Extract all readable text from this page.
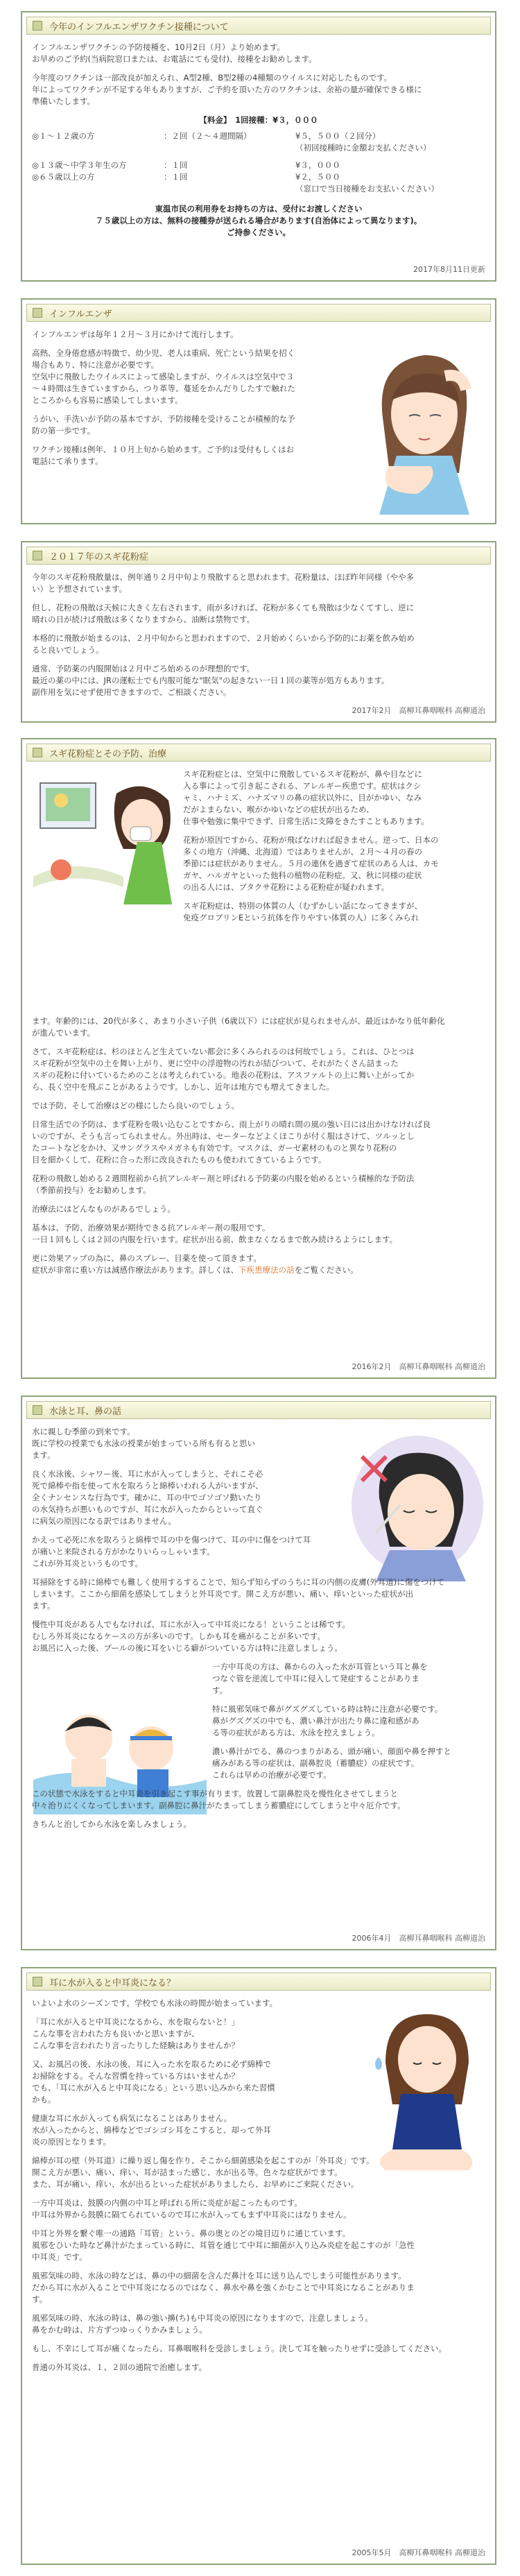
今年のインフルエンザワクチン接種について
インフルエンザワクチンの予防接種を、10月2日（月）より始めます。
お早めのご予約(当病院窓口または、お電話にても受付)、接種をお勧めします。
今年度のワクチンは一部改良が加えられ、A型2種、B型2種の4種類のウイルスに対応したものです。
年によってワクチンが不足する年もありますが、ご予約を頂いた方のワクチンは、余裕の量が確保できる様に
準備いたします。
【料金】　1回接種：¥３，０００
◎１～１２歳の方	：２回（２～４週間隔）	¥５，５００（２回分）
（初回接種時に金額お支払ください）
◎１３歳～中学３年生の方	：１回	¥３，０００
◎６５歳以上の方	：１回	¥２，５００
（窓口で当日接種をお支払いください）
東温市民の利用券をお持ちの方は、受付にお渡しください
７５歳以上の方は、無料の接種券が送られる場合があります(自治体によって異なります)。
ご持参ください。
2017年8月11日更新
インフルエンザ
インフルエンザは毎年１２月～３月にかけて流行します。
高熱、全身倦怠感が特徴で、幼少児、老人は重病、死亡という結果を招く
場合もあり、特に注意が必要です。
空気中に飛散したウイルスによって感染しますが、ウイルスは空気中で３
～４時間は生きていますから、つり革等、蔓延をかんだりしたすで触れた
ところからも容易に感染してしまいます。
うがい、手洗いが予防の基本ですが、予防接種を受けることが積極的な予
防の第一歩です。
ワクチン接種は例年、１０月上旬から始めます。ご予約は受付もしくはお
電話にて承ります。
２０１７年のスギ花粉症
今年のスギ花粉飛散量は、例年通り２月中旬より飛散すると思われます。花粉量は、ほぼ昨年同様（やや多
い）と予想されています。
但し、花粉の飛散は天候に大きく左右されます。雨が多ければ、花粉が多くても飛散は少なくてすし、逆に
晴れの日が続けば飛散は多くなりますから、油断は禁物です。
本格的に飛散が始まるのは、２月中旬からと思われますので、２月始めくらいから予防的にお薬を飲み始め
ると良いでしょう。
通常、予防薬の内服開始は２月中ごろ始めるのが理想的です。
最近の薬の中には、JRの運転士でも内服可能な"眠気"の起きない一日１回の薬等が処方もあります。
副作用を気にせず使用できますので、ご相談ください。
2017年2月　高柳耳鼻咽喉科 高柳道治
スギ花粉症とその予防、治療
スギ花粉症とは、空気中に飛散しているスギ花粉が、鼻や目などに
入る事によって引き起こされる、アレルギー疾患です。症状はクシ
ャミ、ハナミズ、ハナズマリの鼻の症状以外に、目がかゆい、なみ
だがよまらない、喉がかゆいなどの症状が出るため、
仕事や勉強に集中できず、日常生活に支障をきたすこともあります。
花粉が原因ですから、花粉が飛ばなければ起きません。逆って、日本の
多くの地方（沖縄、北海道）ではありませんが、２月～４月の春の
季節には症状がありません。５月の連休を過ぎて症状のある人は、カモ
ガヤ、ハルガヤといった他科の植物の花粉症。又、秋に同様の症状
の出る人には、ブタクサ花粉による花粉症が疑われます。
スギ花粉症は、特別の体質の人（むずかしい話になってきますが、
免疫グロブリンEという抗体を作りやすい体質の人）に多くみられ
ます。年齢的には、20代が多く、あまり小さい子供（6歳以下）には症状が見られませんが、最近はかなり低年齢化
が進んでいます。
さて、スギ花粉症は、杉のほとんど生えていない都会に多くみられるのは何故でしょう。これは、ひとつは
スギ花粉が空気中の土を舞い上がり、更に空中の浮遊物の汚れが結びついて、それがたくさん詰まった
スギの花粉に付いているためのことは考えられている。地表の花粉は、アスファルトの上に舞い上がってか
ら、長く空中を飛ぶことがあるようです。しかし、近年は地方でも増えてきました。
では予防、そして治療はどの様にしたら良いのでしょう。
日常生活での予防は、まず花粉を吸い込むことですから、雨上がりの晴れ間の風の強い日には出かけなければ良
いのですが、そうも言ってられません。外出時は、セーターなどよくほこりが付く服はさけて、ツルッとし
たコートなどをかけ、又サングラスやメガネも有効です。マスクは、ガーゼ素材のものと異なり花粉の
目を細かくして、花粉に合った形に改良されたものも使われてきているようです。
花粉の飛散し始める２週間程前から抗アレルギー剤と呼ばれる予防薬の内服を始めるという積極的な予防法
（季節前投与）をお勧めします。
治療法にはどんなものがあるでしょう。
基本は、予防、治療効果が期待できる抗アレルギー剤の服用です。
一日１回もしくは２回の内服を行います。症状が出る前、飲まなくなるまで飲み続けるようにします。
更に効果アップの為に、鼻のスプレー、目薬を使って頂きます。
症状が非常に重い方は減感作療法があります。詳しくは、下疾患療法の話をご覧ください。
2016年2月　高柳耳鼻咽喉科 高柳道治
水泳と耳、鼻の話
水に親しむ季節の到来です。
既に学校の授業でも水泳の授業が始まっている所も有ると思い
ます。
良く水泳後、シャワー後、耳に水が入ってしまうと、それこそ必
死で綿棒や指を使って水を取ろうと綿棒いわれる人がいますが、
全くナンセンスな行為です。確かに、耳の中でゴソゴソ動いたり
の水気持ちが悪いものですが、耳に水が入ったからといって直ぐ
に病気の原因になる訳ではありません。
かえって必死に水を取ろうと綿棒で耳の中を傷つけて、耳の中に傷をつけて耳
が痛いと来院される方がかなりいらっしゃいます。
これが外耳炎というものです。
耳掃除をする時に綿棒でも難しく使用するすることで、知らず知らずのうちに耳の内側の皮膚(外耳道)に傷をつけて
しまいます。ここから細菌を感染してしまうと外耳炎です。開こえ方が悪い、痛い、痒いといった症状が出
ます。
慢性中耳炎がある人でもなければ、耳に水が入って中耳炎になる！ということは稀です。
むしろ外耳炎になるケースの方が多いのです。しかも耳を痛がることが多いです。
お風呂に入った後、プールの後に耳をいじる癖がついている方は特に注意しましょう。
一方中耳炎の方は、鼻からの入った水が耳管という耳と鼻を
つなぐ管を逆流して中耳に侵入して発症することがありま
す。
特に風邪気味で鼻がグズグズしている時は特に注意が必要です。
鼻がグズグズの中でも、濃い鼻汁が出たり鼻に違和感があ
る等の症状がある方は、水泳を控えましょう。
濃い鼻汁がでる、鼻のつまりがある、頭が痛い、顔面や鼻を押すと
痛みがある等の症状は、副鼻腔炎（蓄膿症）の症状です。
これらは早めの治療が必要です。
この状態で水泳をすると中耳炎を引き起こす事が有ります。放置して副鼻腔炎を慢性化させてしまうと
中々治りにくくなってしまいます。副鼻腔に鼻汁がたまってしまう蓄膿症にしてしまうと中々厄介です。
きちんと治してから水泳を楽しみましょう。
2006年4月　高柳耳鼻咽喉科 高柳道治
耳に水が入ると中耳炎になる？
いよいよ水のシーズンです。学校でも水泳の時間が始まっています。
「耳に水が入ると中耳炎になるから、水を取らないと！」
こんな事を言われた方も良いかと思いますが、
こんな事を言われたり言ったりした経験はありませんか？
又、お風呂の後、水泳の後、耳に入った水を取るために必ず綿棒で
お掃除をする。そんな習慣を持っている方はいませんか？
でも、「耳に水が入ると中耳炎になる」という思い込みから来た習慣
かも。
健康な耳に水が入っても病気になることはありません。
水が入ったからと、綿棒などでゴシゴシ耳をこすると、却って外耳
炎の原因となります。
綿棒が耳の壁（外耳道）に繰り返し傷を作り、そこから細菌感染を起こすのが「外耳炎」です。
開こえ方が悪い、痛い、痒い、耳が詰まった感じ、水が出る等。色々な症状がでます。
また、耳が痛い、痒い、水が出るといった症状がありましたら、お早めにご来院ください。
一方中耳炎は、鼓膜の内側の中耳と呼ばれる所に炎症が起こったものです。
中耳は外界から鼓膜に隔てられているので耳に水が入ってもまず中耳炎にはなりません。
中耳と外界を繋ぐ唯一の通路「耳管」という、鼻の奥とのどの境目辺りに通じています。
風邪をひいた時など鼻汁がたまっている時に、耳管を通じて中耳に細菌が入り込み炎症を起こすのが「急性
中耳炎」です。
風邪気味の時、水泳の時などは、鼻の中の細菌を含んだ鼻汁を耳に送り込んでしまう可能性があります。
だから耳に水が入ることで中耳炎になるのではなく、鼻水や鼻を強くかむことで中耳炎になることがありま
す。
風邪気味の時、水泳の時は、鼻の強い擤(ち)も中耳炎の原因になりますので、注意しましょう。
鼻をかむ時は、片方ずつゆっくりかみましょう。
もし、不幸にして耳が痛くなったら、耳鼻咽喉科を受診しましょう。決して耳を触ったりせずに受診してください。
普通の外耳炎は、１、２回の通院で治癒します。
2005年5月　高柳耳鼻咽喉科 高柳道治
